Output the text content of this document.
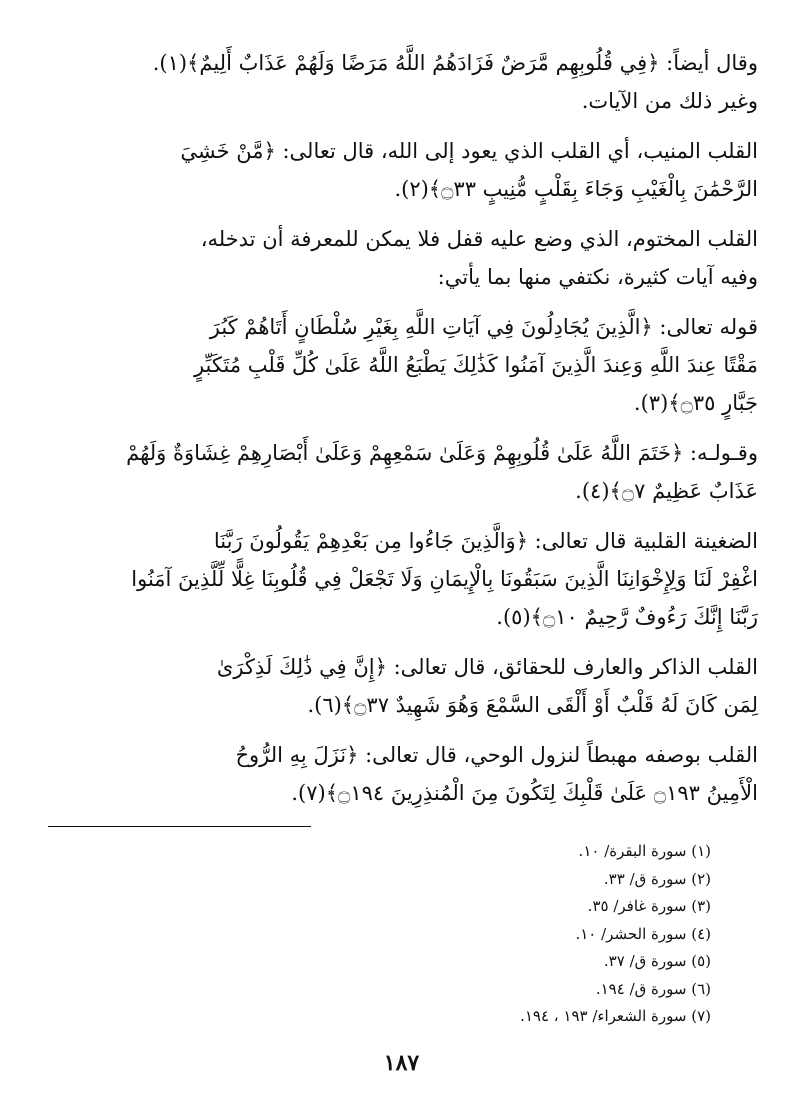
وقال أيضاً: ﴿فِي قُلُوبِهِم مَّرَضٌ فَزَادَهُمُ اللَّهُ مَرَضًا وَلَهُمْ عَذَابٌ أَلِيمٌ﴾(١).

وغير ذلك من الآيات.

القلب المنيب، أي القلب الذي يعود إلى الله، قال تعالى: ﴿مَّنْ خَشِيَ

الرَّحْمَٰنَ بِالْغَيْبِ وَجَاءَ بِقَلْبٍ مُّنِيبٍ ۝٣٣﴾(٢).

القلب المختوم، الذي وضع عليه قفل فلا يمكن للمعرفة أن تدخله،

وفيه آيات كثيرة، نكتفي منها بما يأتي:

قوله تعالى: ﴿الَّذِينَ يُجَادِلُونَ فِي آيَاتِ اللَّهِ بِغَيْرِ سُلْطَانٍ أَتَاهُمْ كَبُرَ

مَقْتًا عِندَ اللَّهِ وَعِندَ الَّذِينَ آمَنُوا كَذَٰلِكَ يَطْبَعُ اللَّهُ عَلَىٰ كُلِّ قَلْبِ مُتَكَبِّرٍ

جَبَّارٍ ۝٣٥﴾(٣).

وقـولـه: ﴿خَتَمَ اللَّهُ عَلَىٰ قُلُوبِهِمْ وَعَلَىٰ سَمْعِهِمْ وَعَلَىٰ أَبْصَارِهِمْ غِشَاوَةٌ وَلَهُمْ

عَذَابٌ عَظِيمٌ ۝٧﴾(٤).

الضغينة القلبية قال تعالى: ﴿وَالَّذِينَ جَاءُوا مِن بَعْدِهِمْ يَقُولُونَ رَبَّنَا

اغْفِرْ لَنَا وَلِإِخْوَانِنَا الَّذِينَ سَبَقُونَا بِالْإِيمَانِ وَلَا تَجْعَلْ فِي قُلُوبِنَا غِلًّا لِّلَّذِينَ آمَنُوا

رَبَّنَا إِنَّكَ رَءُوفٌ رَّحِيمٌ ۝١٠﴾(٥).

القلب الذاكر والعارف للحقائق، قال تعالى: ﴿إِنَّ فِي ذَٰلِكَ لَذِكْرَىٰ

لِمَن كَانَ لَهُ قَلْبٌ أَوْ أَلْقَى السَّمْعَ وَهُوَ شَهِيدٌ ۝٣٧﴾(٦).

القلب بوصفه مهبطاً لنزول الوحي، قال تعالى: ﴿نَزَلَ بِهِ الرُّوحُ

الْأَمِينُ ۝١٩٣ عَلَىٰ قَلْبِكَ لِتَكُونَ مِنَ الْمُنذِرِينَ ۝١٩٤﴾(٧).

(١) سورة البقرة/ ١٠.
(٢) سورة ق/ ٣٣.
(٣) سورة غافر/ ٣٥.
(٤) سورة الحشر/ ١٠.
(٥) سورة ق/ ٣٧.
(٦) سورة ق/ ١٩٤.
(٧) سورة الشعراء/ ١٩٣ ، ١٩٤.
١٨٧
